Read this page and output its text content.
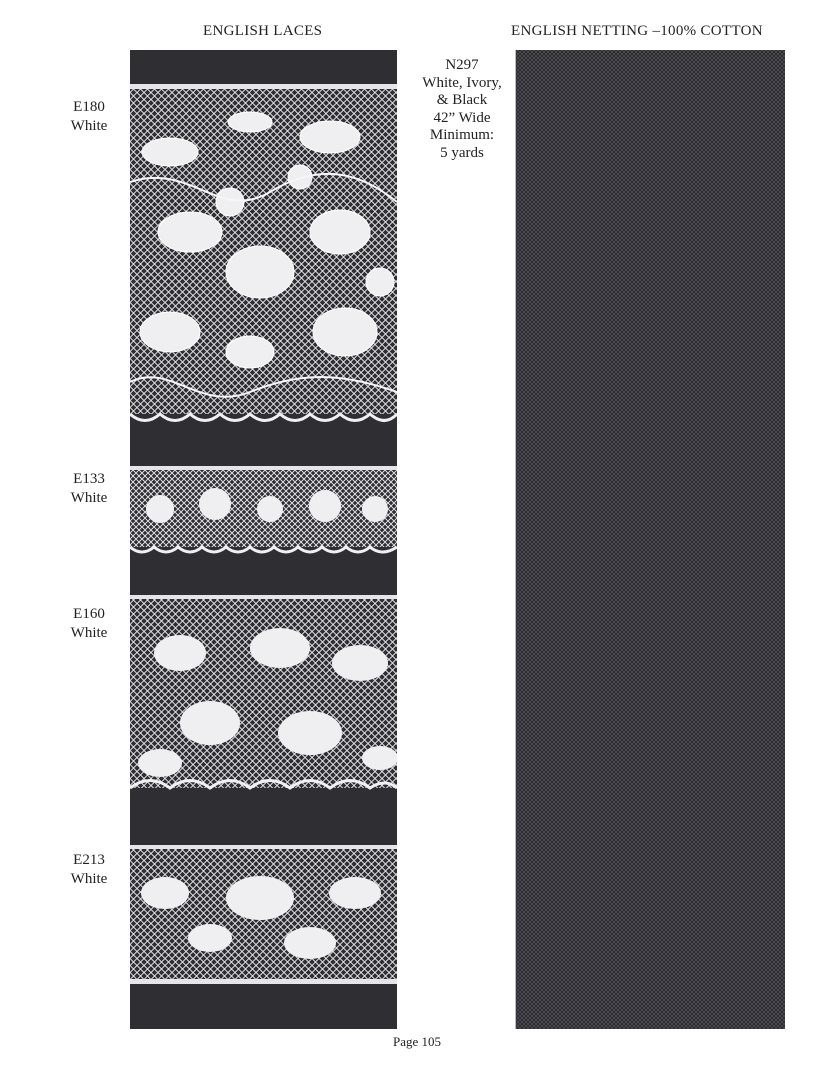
ENGLISH LACES	ENGLISH NETTING –100% COTTON
E180
White
E133
White
E160
White
E213
White
N297
White, Ivory,
& Black
42” Wide
Minimum:
5 yards
Page 105
